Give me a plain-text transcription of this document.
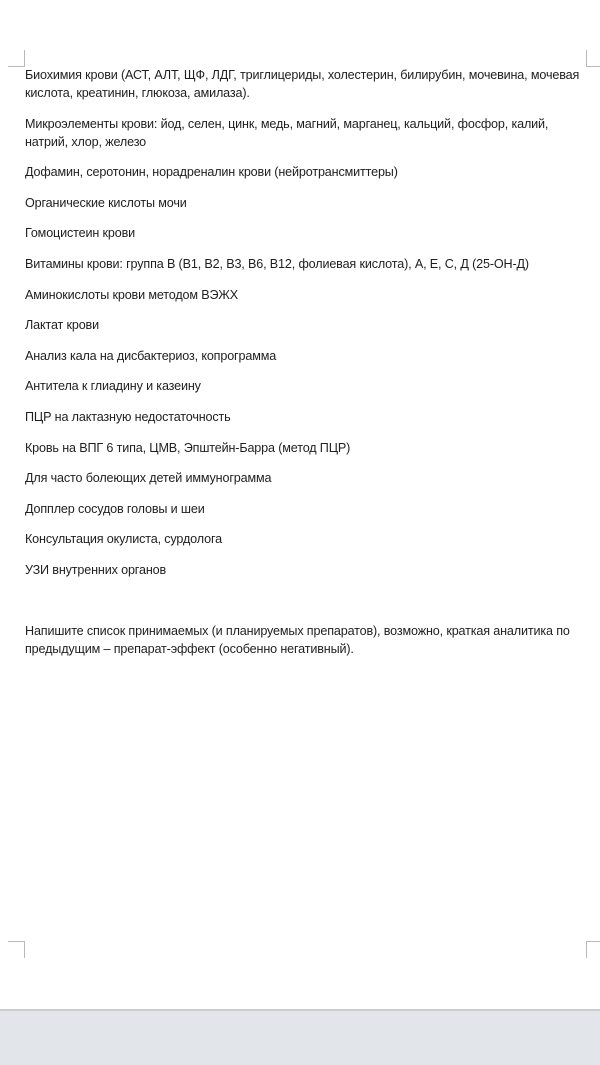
Биохимия крови (АСТ, АЛТ, ЩФ, ЛДГ, триглицериды, холестерин, билирубин, мочевина, мочевая кислота, креатинин, глюкоза, амилаза).

Микроэлементы крови: йод, селен, цинк, медь, магний, марганец, кальций, фосфор, калий, натрий, хлор, железо

Дофамин, серотонин, норадреналин крови (нейротрансмиттеры)

Органические кислоты мочи

Гомоцистеин крови

Витамины крови: группа В (В1, В2, В3, В6, В12, фолиевая кислота), А, Е, С, Д (25-ОН-Д)

Аминокислоты крови методом ВЭЖХ

Лактат крови

Анализ кала на дисбактериоз, копрограмма

Антитела к глиадину и казеину

ПЦР на лактазную недостаточность

Кровь на ВПГ 6 типа, ЦМВ, Эпштейн-Барра (метод ПЦР)

Для часто болеющих детей иммунограмма

Допплер сосудов головы и шеи

Консультация окулиста, сурдолога

УЗИ внутренних органов

Напишите список принимаемых (и планируемых препаратов), возможно, краткая аналитика по предыдущим – препарат-эффект (особенно негативный).
